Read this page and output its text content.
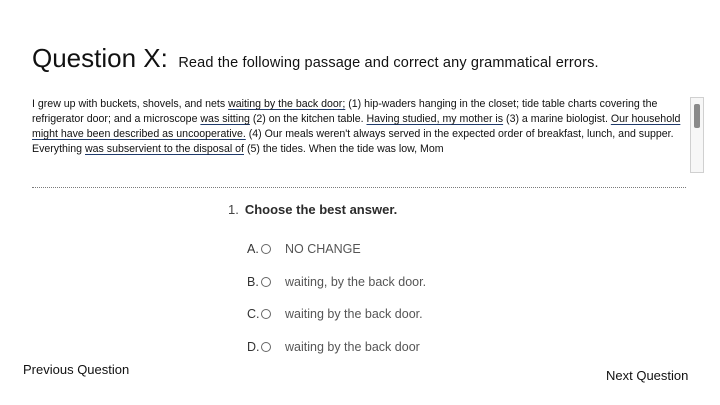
Question X: Read the following passage and correct any grammatical errors.
I grew up with buckets, shovels, and nets waiting by the back door; (1) hip-waders hanging in the closet; tide table charts covering the refrigerator door; and a microscope was sitting (2) on the kitchen table. Having studied, my mother is (3) a marine biologist. Our household might have been described as uncooperative. (4) Our meals weren't always served in the expected order of breakfast, lunch, and supper. Everything was subservient to the disposal of (5) the tides. When the tide was low, Mom
1. Choose the best answer.
A. NO CHANGE
B. waiting, by the back door.
C. waiting by the back door.
D. waiting by the back door
Previous Question	Next Question
